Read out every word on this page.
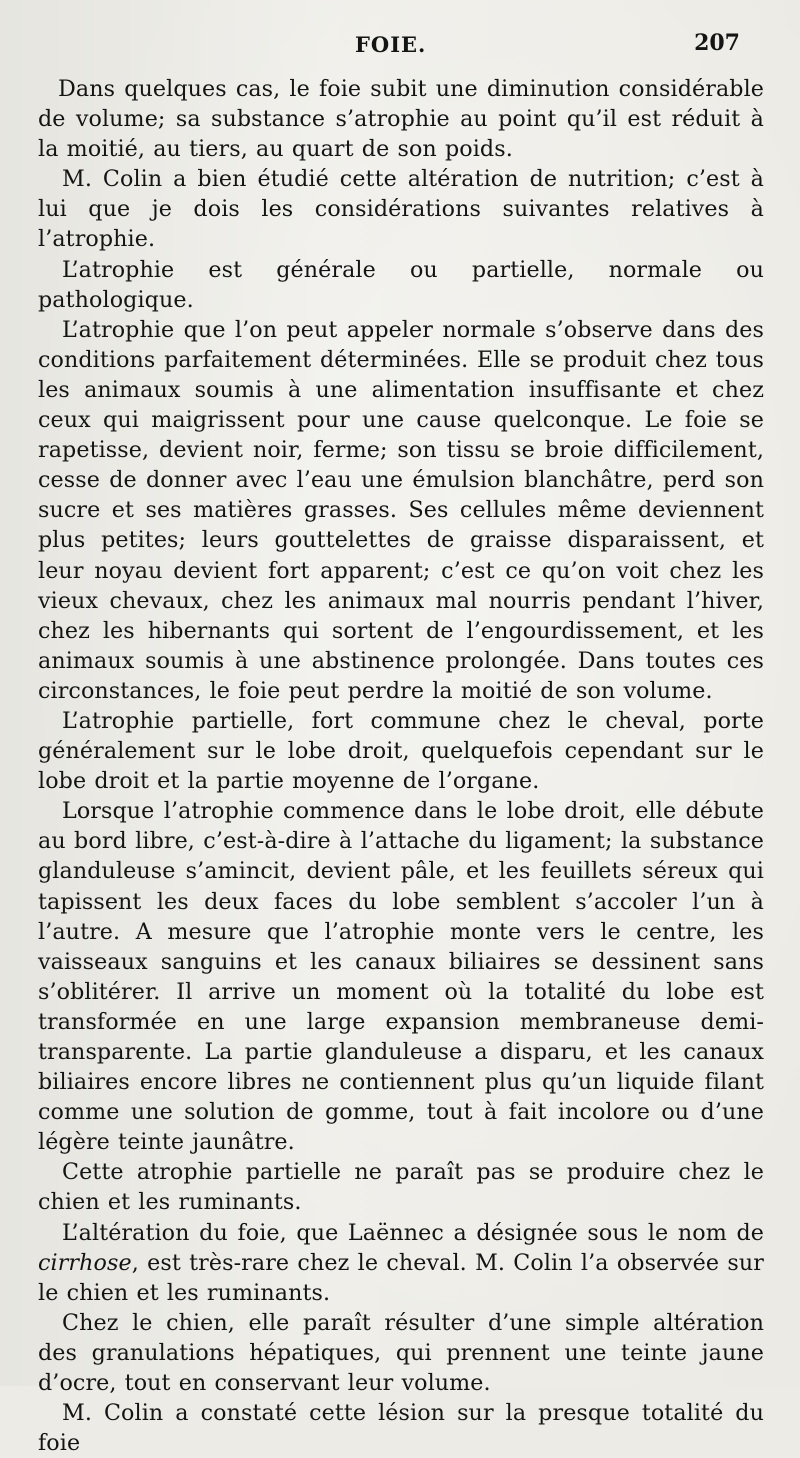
FOIE.	207

Dans quelques cas, le foie subit une diminution considérable de volume; sa substance s’atrophie au point qu’il est réduit à la moitié, au tiers, au quart de son poids.

M. Colin a bien étudié cette altération de nutrition; c’est à lui que je dois les considérations suivantes relatives à l’atrophie.

L’atrophie est générale ou partielle, normale ou pathologique.

L’atrophie que l’on peut appeler normale s’observe dans des conditions parfaitement déterminées. Elle se produit chez tous les animaux soumis à une alimentation insuffisante et chez ceux qui maigrissent pour une cause quelconque. Le foie se rapetisse, devient noir, ferme; son tissu se broie difficilement, cesse de donner avec l’eau une émulsion blanchâtre, perd son sucre et ses matières grasses. Ses cellules même deviennent plus petites; leurs gouttelettes de graisse disparaissent, et leur noyau devient fort apparent; c’est ce qu’on voit chez les vieux chevaux, chez les animaux mal nourris pendant l’hiver, chez les hibernants qui sortent de l’engourdissement, et les animaux soumis à une abstinence prolongée. Dans toutes ces circonstances, le foie peut perdre la moitié de son volume.

L’atrophie partielle, fort commune chez le cheval, porte généralement sur le lobe droit, quelquefois cependant sur le lobe droit et la partie moyenne de l’organe.

Lorsque l’atrophie commence dans le lobe droit, elle débute au bord libre, c’est-à-dire à l’attache du ligament; la substance glanduleuse s’amincit, devient pâle, et les feuillets séreux qui tapissent les deux faces du lobe semblent s’accoler l’un à l’autre. A mesure que l’atrophie monte vers le centre, les vaisseaux sanguins et les canaux biliaires se dessinent sans s’oblitérer. Il arrive un moment où la totalité du lobe est transformée en une large expansion membraneuse demi-transparente. La partie glanduleuse a disparu, et les canaux biliaires encore libres ne contiennent plus qu’un liquide filant comme une solution de gomme, tout à fait incolore ou d’une légère teinte jaunâtre.

Cette atrophie partielle ne paraît pas se produire chez le chien et les ruminants.

L’altération du foie, que Laënnec a désignée sous le nom de cirrhose, est très-rare chez le cheval. M. Colin l’a observée sur le chien et les ruminants.

Chez le chien, elle paraît résulter d’une simple altération des granulations hépatiques, qui prennent une teinte jaune d’ocre, tout en conservant leur volume.

M. Colin a constaté cette lésion sur la presque totalité du foie
